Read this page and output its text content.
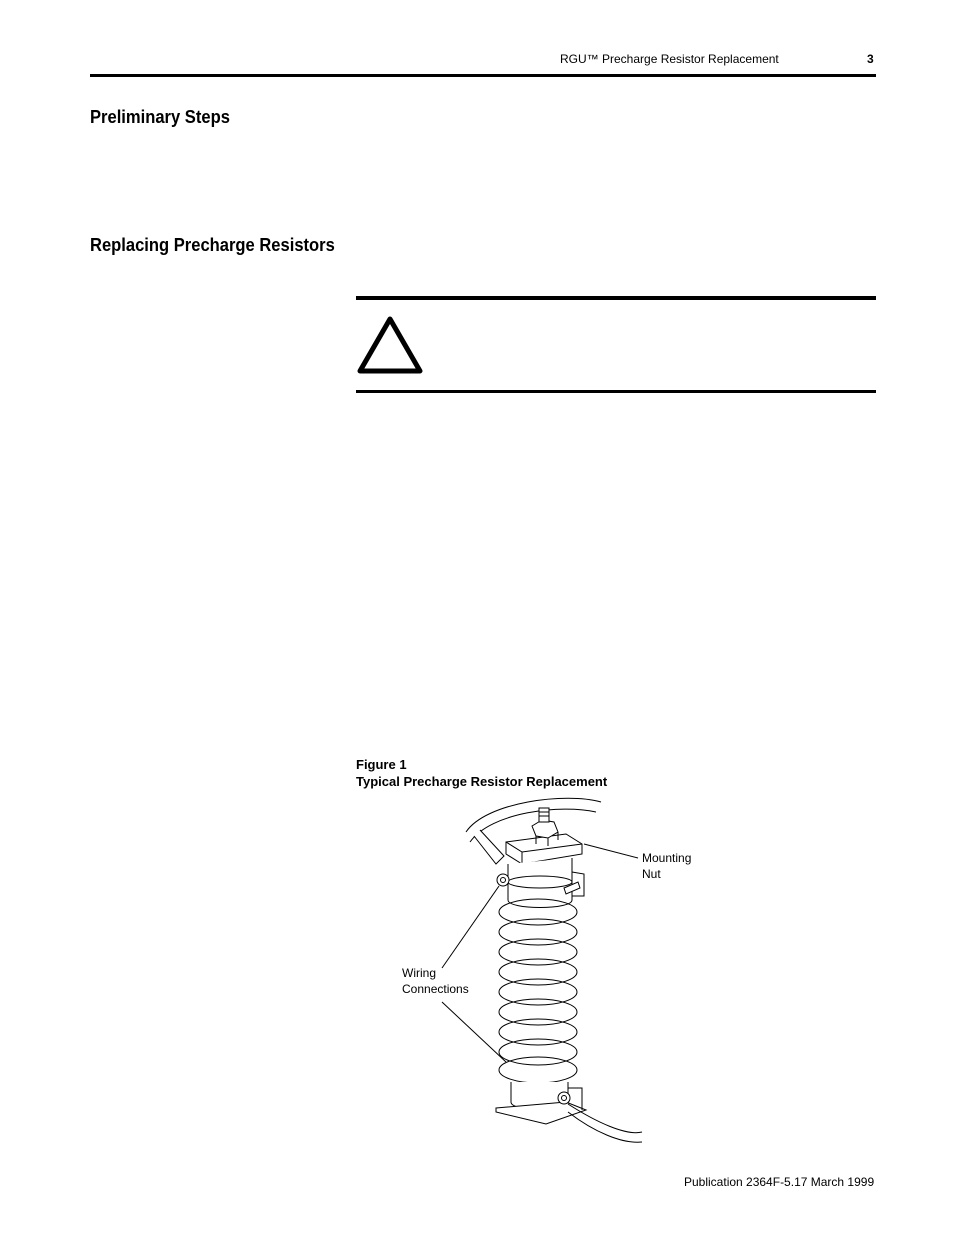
RGU™ Precharge Resistor Replacement	3
Preliminary Steps
Replacing Precharge Resistors
Figure 1
Typical Precharge Resistor Replacement
Mounting
Nut
Wiring
Connections
Publication 2364F-5.17 March 1999
